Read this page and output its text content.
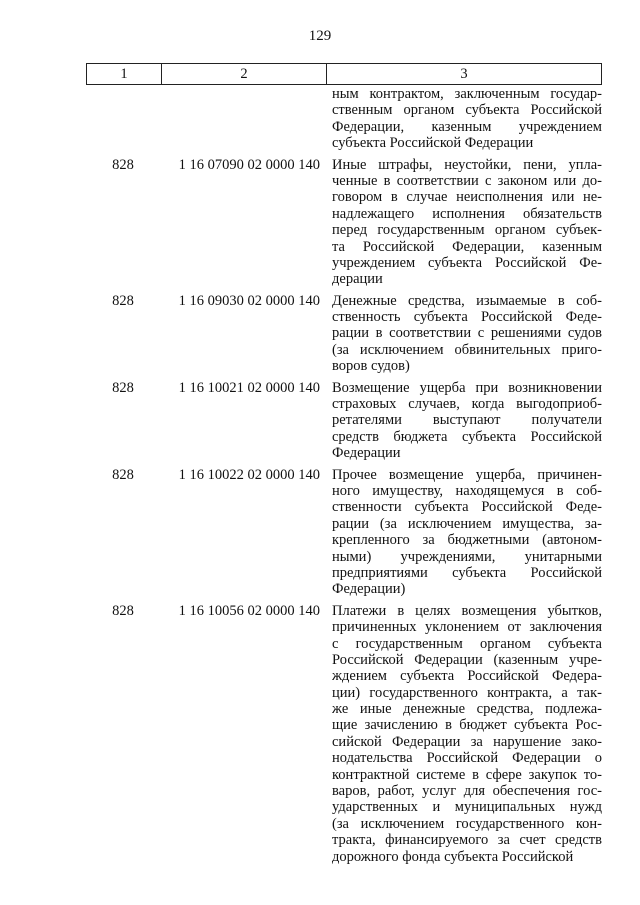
129
1	2	3
ным контрактом, заключенным государ-
ственным органом субъекта Российской
Федерации, казенным учреждением
субъекта Российской Федерации
828	1 16 07090 02 0000 140 Иные штрафы, неустойки, пени, упла-
ченные в соответствии с законом или до-
говором в случае неисполнения или не-
надлежащего исполнения обязательств
перед государственным органом субъек-
та Российской Федерации, казенным
учреждением субъекта Российской Фе-
дерации
828	1 16 09030 02 0000 140 Денежные средства, изымаемые в соб-
ственность субъекта Российской Феде-
рации в соответствии с решениями судов
(за исключением обвинительных приго-
воров судов)
828	1 16 10021 02 0000 140 Возмещение ущерба при возникновении
страховых случаев, когда выгодоприоб-
ретателями выступают получатели
средств бюджета субъекта Российской
Федерации
828	1 16 10022 02 0000 140 Прочее возмещение ущерба, причинен-
ного имуществу, находящемуся в соб-
ственности субъекта Российской Феде-
рации (за исключением имущества, за-
крепленного за бюджетными (автоном-
ными) учреждениями, унитарными
предприятиями субъекта Российской
Федерации)
828	1 16 10056 02 0000 140 Платежи в целях возмещения убытков,
причиненных уклонением от заключения
с государственным органом субъекта
Российской Федерации (казенным учре-
ждением субъекта Российской Федера-
ции) государственного контракта, а так-
же иные денежные средства, подлежа-
щие зачислению в бюджет субъекта Рос-
сийской Федерации за нарушение зако-
нодательства Российской Федерации о
контрактной системе в сфере закупок то-
варов, работ, услуг для обеспечения гос-
ударственных и муниципальных нужд
(за исключением государственного кон-
тракта, финансируемого за счет средств
дорожного фонда субъекта Российской
